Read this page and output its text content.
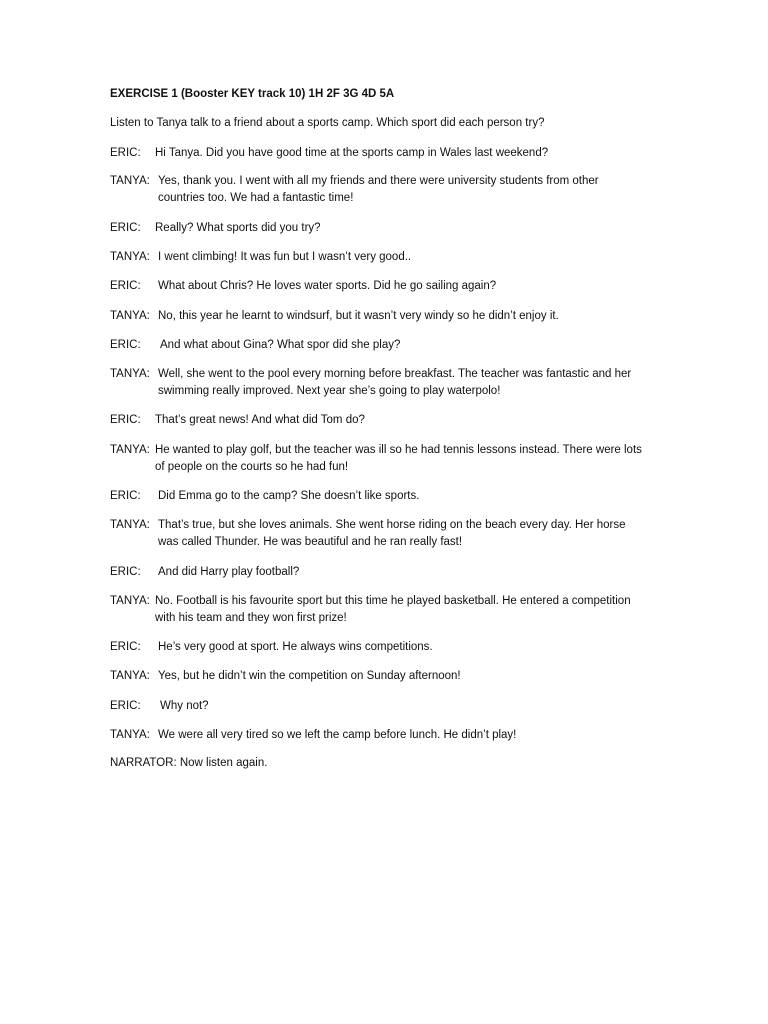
EXERCISE 1 (Booster KEY track 10) 1H 2F 3G 4D 5A
Listen to Tanya talk to a friend about a sports camp. Which sport did each person try?
ERIC: Hi Tanya. Did you have good time at the sports camp in Wales last weekend?
TANYA: Yes, thank you. I went with all my friends and there were university students from other
countries too. We had a fantastic time!
ERIC: Really? What sports did you try?
TANYA: I went climbing! It was fun but I wasn’t very good..
ERIC: What about Chris? He loves water sports. Did he go sailing again?
TANYA: No, this year he learnt to windsurf, but it wasn’t very windy so he didn’t enjoy it.
ERIC: And what about Gina? What spor did she play?
TANYA: Well, she went to the pool every morning before breakfast. The teacher was fantastic and her
swimming really improved. Next year she’s going to play waterpolo!
ERIC: That’s great news! And what did Tom do?
TANYA: He wanted to play golf, but the teacher was ill so he had tennis lessons instead. There were lots
of people on the courts so he had fun!
ERIC: Did Emma go to the camp? She doesn’t like sports.
TANYA: That’s true, but she loves animals. She went horse riding on the beach every day. Her horse
was called Thunder. He was beautiful and he ran really fast!
ERIC: And did Harry play football?
TANYA: No. Football is his favourite sport but this time he played basketball. He entered a competition
with his team and they won first prize!
ERIC: He’s very good at sport. He always wins competitions.
TANYA: Yes, but he didn’t win the competition on Sunday afternoon!
ERIC: Why not?
TANYA: We were all very tired so we left the camp before lunch. He didn’t play!
NARRATOR: Now listen again.
